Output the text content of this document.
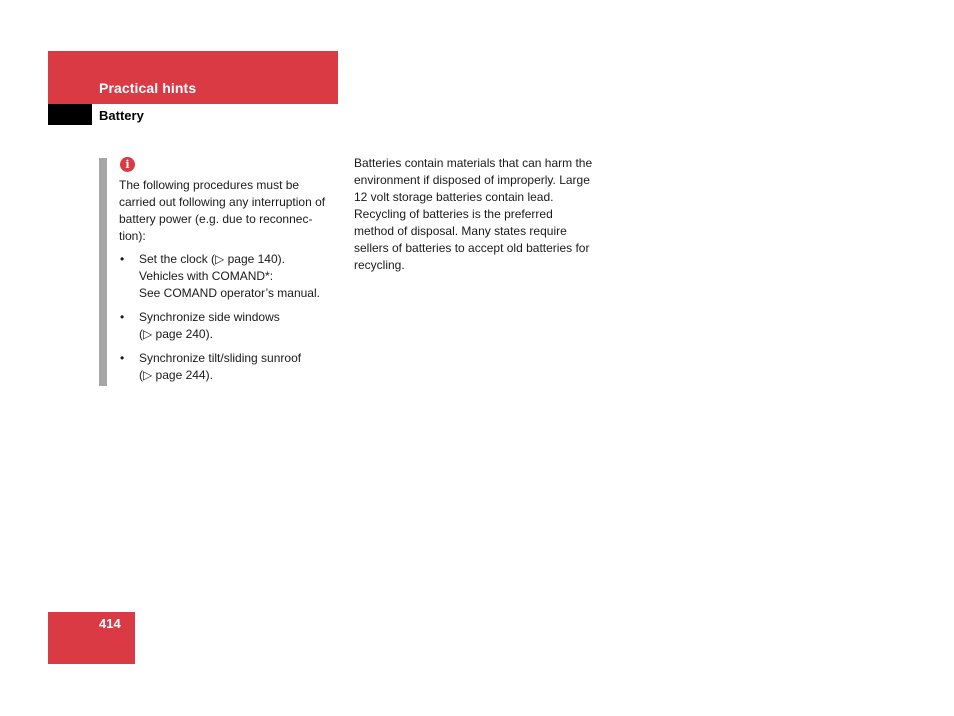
Practical hints
Battery
i

The following procedures must be carried out following any interruption of battery power (e.g. due to reconnec-tion):

• Set the clock (▷ page 140).
Vehicles with COMAND*:
See COMAND operator’s manual.
• Synchronize side windows
(▷ page 240).
• Synchronize tilt/sliding sunroof
(▷ page 244).

Batteries contain materials that can harm the environment if disposed of improperly. Large 12 volt storage batteries contain lead. Recycling of batteries is the preferred method of disposal. Many states require sellers of batteries to accept old batteries for recycling.

414
